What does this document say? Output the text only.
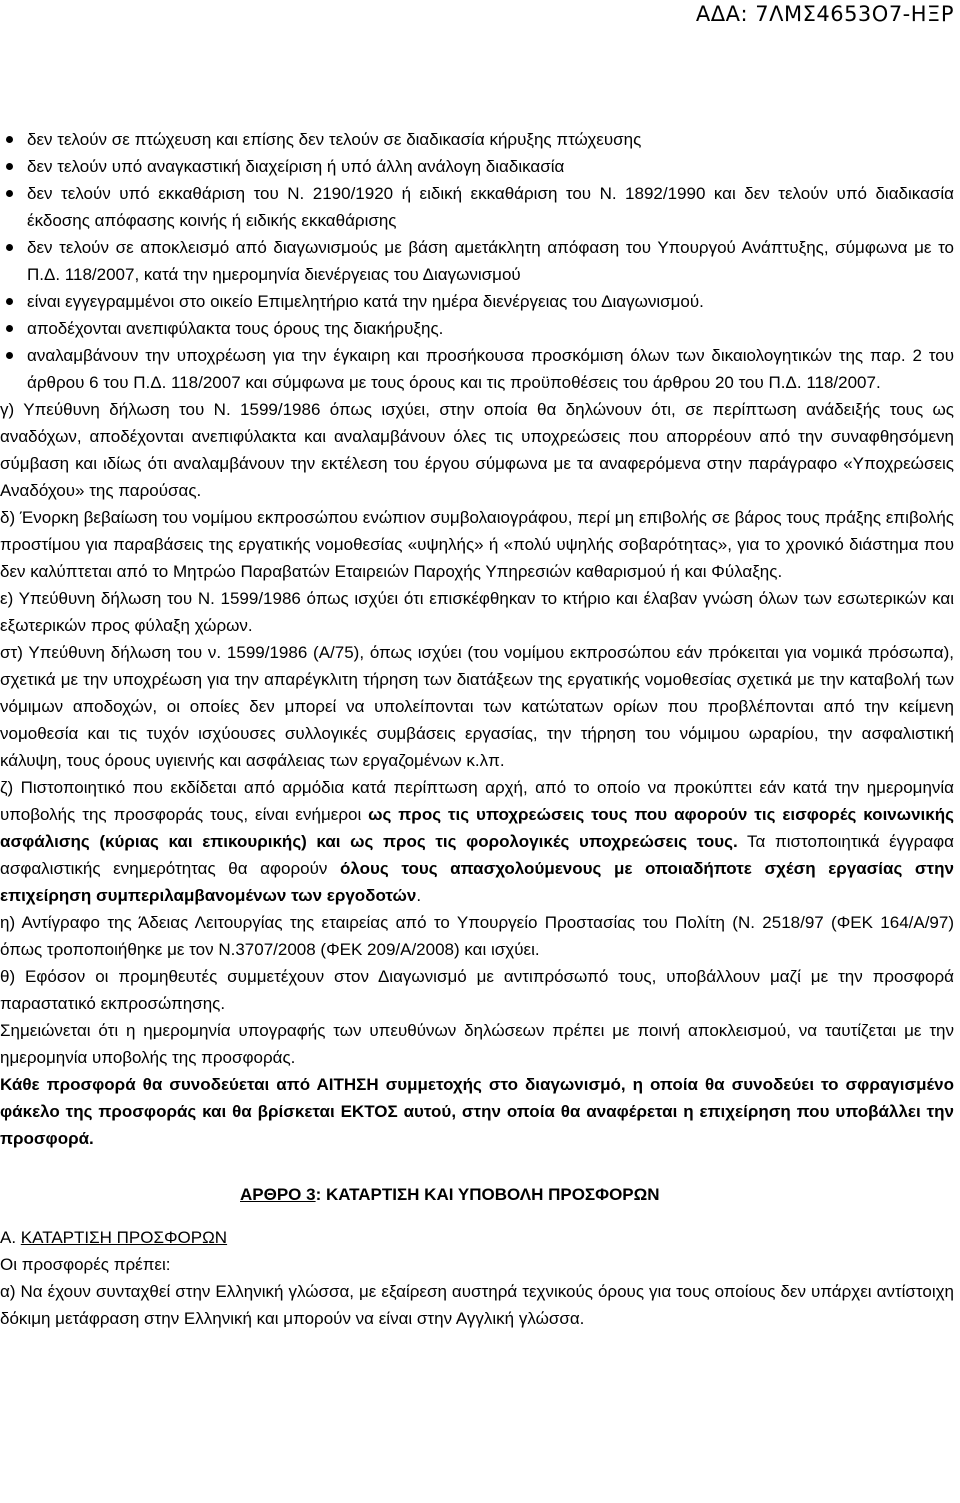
ΑΔΑ: 7ΛΜΣ4653Ο7-ΗΞΡ
δεν τελούν σε πτώχευση και επίσης δεν τελούν σε διαδικασία κήρυξης πτώχευσης
δεν τελούν υπό αναγκαστική διαχείριση ή υπό άλλη ανάλογη διαδικασία
δεν τελούν υπό εκκαθάριση του Ν. 2190/1920 ή ειδική εκκαθάριση του Ν. 1892/1990 και δεν τελούν υπό διαδικασία έκδοσης απόφασης κοινής ή ειδικής εκκαθάρισης
δεν τελούν σε αποκλεισμό από διαγωνισμούς με βάση αμετάκλητη απόφαση του Υπουργού Ανάπτυξης, σύμφωνα με το Π.Δ. 118/2007, κατά την ημερομηνία διενέργειας του Διαγωνισμού
είναι εγγεγραμμένοι στο οικείο Επιμελητήριο κατά την ημέρα διενέργειας του Διαγωνισμού.
αποδέχονται ανεπιφύλακτα τους όρους της διακήρυξης.
αναλαμβάνουν την υποχρέωση για την έγκαιρη και προσήκουσα προσκόμιση όλων των δικαιολογητικών της παρ. 2 του άρθρου 6 του Π.Δ. 118/2007 και σύμφωνα με τους όρους και τις προϋποθέσεις του άρθρου 20 του Π.Δ. 118/2007.

γ) Υπεύθυνη δήλωση του Ν. 1599/1986 όπως ισχύει, στην οποία θα δηλώνουν ότι, σε περίπτωση ανάδειξής τους ως αναδόχων, αποδέχονται ανεπιφύλακτα και αναλαμβάνουν όλες τις υποχρεώσεις που απορρέουν από την συναφθησόμενη σύμβαση και ιδίως ότι αναλαμβάνουν την εκτέλεση του έργου σύμφωνα με τα αναφερόμενα στην παράγραφο «Υποχρεώσεις Αναδόχου» της παρούσας.

δ) Ένορκη βεβαίωση του νομίμου εκπροσώπου ενώπιον συμβολαιογράφου, περί μη επιβολής σε βάρος τους πράξης επιβολής προστίμου για παραβάσεις της εργατικής νομοθεσίας «υψηλής» ή «πολύ υψηλής σοβαρότητας», για το χρονικό διάστημα που δεν καλύπτεται από το Μητρώο Παραβατών Εταιρειών Παροχής Υπηρεσιών καθαρισμού ή και Φύλαξης.

ε) Υπεύθυνη δήλωση του Ν. 1599/1986 όπως ισχύει ότι επισκέφθηκαν το κτήριο και έλαβαν γνώση όλων των εσωτερικών και εξωτερικών προς φύλαξη χώρων.

στ) Υπεύθυνη δήλωση του ν. 1599/1986 (Α/75), όπως ισχύει (του νομίμου εκπροσώπου εάν πρόκειται για νομικά πρόσωπα), σχετικά με την υποχρέωση για την απαρέγκλιτη τήρηση των διατάξεων της εργατικής νομοθεσίας σχετικά με την καταβολή των νόμιμων αποδοχών, οι οποίες δεν μπορεί να υπολείπονται των κατώτατων ορίων που προβλέπονται από την κείμενη νομοθεσία και τις τυχόν ισχύουσες συλλογικές συμβάσεις εργασίας, την τήρηση του νόμιμου ωραρίου, την ασφαλιστική κάλυψη, τους όρους υγιεινής και ασφάλειας των εργαζομένων κ.λπ.

ζ) Πιστοποιητικό που εκδίδεται από αρμόδια κατά περίπτωση αρχή, από το οποίο να προκύπτει εάν κατά την ημερομηνία υποβολής της προσφοράς τους, είναι ενήμεροι ως προς τις υποχρεώσεις τους που αφορούν τις εισφορές κοινωνικής ασφάλισης (κύριας και επικουρικής) και ως προς τις φορολογικές υποχρεώσεις τους. Τα πιστοποιητικά έγγραφα ασφαλιστικής ενημερότητας θα αφορούν όλους τους απασχολούμενους με οποιαδήποτε σχέση εργασίας στην επιχείρηση συμπεριλαμβανομένων των εργοδοτών.

η) Αντίγραφο της Άδειας Λειτουργίας της εταιρείας από το Υπουργείο Προστασίας του Πολίτη (Ν. 2518/97 (ΦΕΚ 164/Α/97) όπως τροποποιήθηκε με τον Ν.3707/2008 (ΦΕΚ 209/Α/2008) και ισχύει.

θ) Εφόσον οι προμηθευτές συμμετέχουν στον Διαγωνισμό με αντιπρόσωπό τους, υποβάλλουν μαζί με την προσφορά παραστατικό εκπροσώπησης.

Σημειώνεται ότι η ημερομηνία υπογραφής των υπευθύνων δηλώσεων πρέπει με ποινή αποκλεισμού, να ταυτίζεται με την ημερομηνία υποβολής της προσφοράς.

Κάθε προσφορά θα συνοδεύεται από ΑΙΤΗΣΗ συμμετοχής στο διαγωνισμό, η οποία θα συνοδεύει το σφραγισμένο φάκελο της προσφοράς και θα βρίσκεται ΕΚΤΟΣ αυτού, στην οποία θα αναφέρεται η επιχείρηση που υποβάλλει την προσφορά.

ΑΡΘΡΟ 3: ΚΑΤΑΡΤΙΣΗ ΚΑΙ ΥΠΟΒΟΛΗ ΠΡΟΣΦΟΡΩΝ
Α. ΚΑΤΑΡΤΙΣΗ ΠΡΟΣΦΟΡΩΝ

Οι προσφορές πρέπει:

α) Να έχουν συνταχθεί στην Ελληνική γλώσσα, με εξαίρεση αυστηρά τεχνικούς όρους για τους οποίους δεν υπάρχει αντίστοιχη δόκιμη μετάφραση στην Ελληνική και μπορούν να είναι στην Αγγλική γλώσσα.
